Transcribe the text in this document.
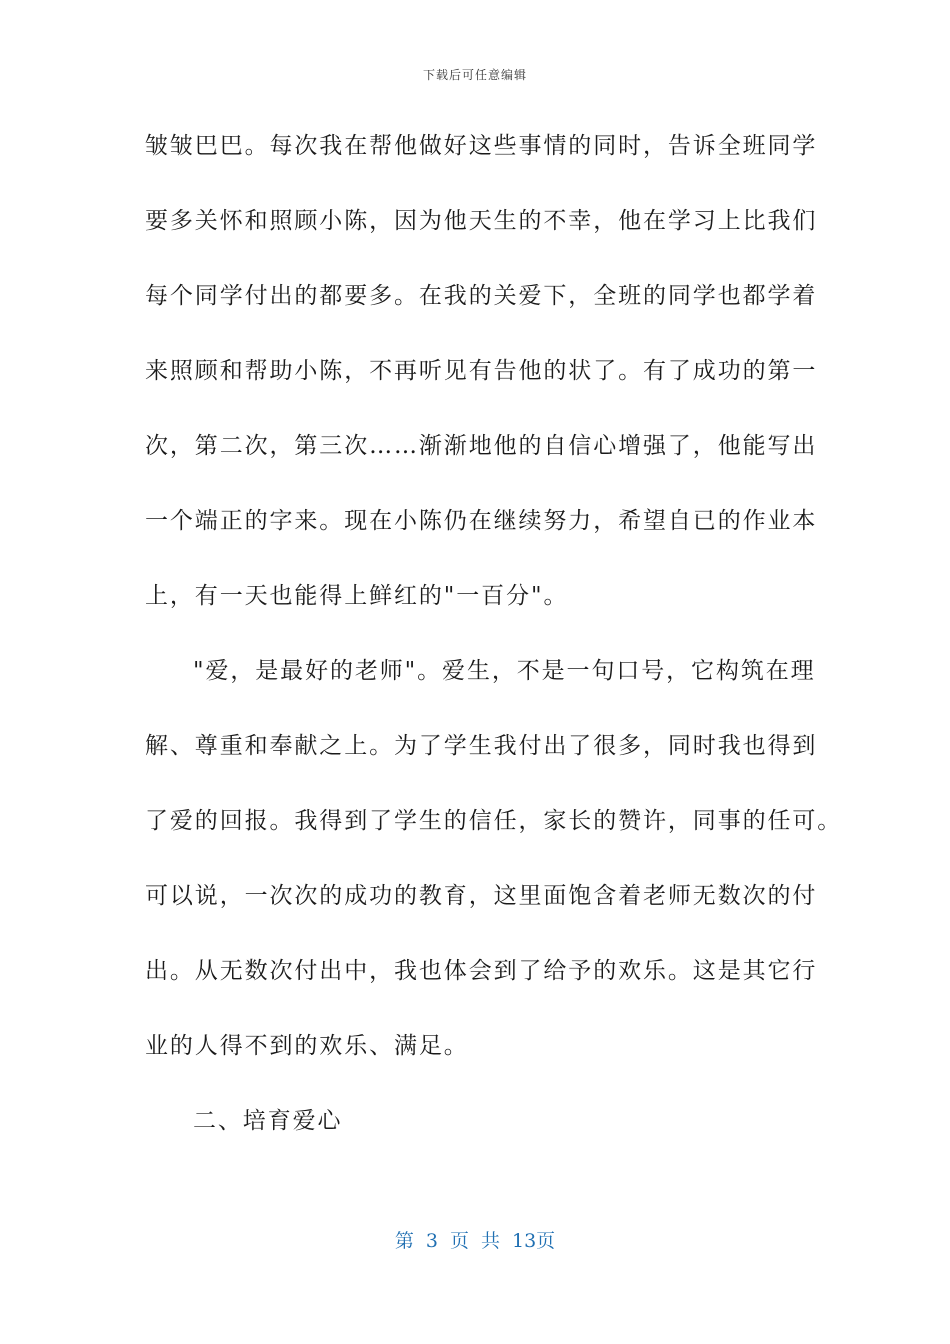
下载后可任意编辑
皱皱巴巴。每次我在帮他做好这些事情的同时，告诉全班同学
要多关怀和照顾小陈，因为他天生的不幸，他在学习上比我们
每个同学付出的都要多。在我的关爱下，全班的同学也都学着
来照顾和帮助小陈，不再听见有告他的状了。有了成功的第一
次，第二次，第三次……渐渐地他的自信心增强了，他能写出
一个端正的字来。现在小陈仍在继续努力，希望自已的作业本
上，有一天也能得上鲜红的"一百分"。
"爱，是最好的老师"。爱生，不是一句口号，它构筑在理
解、尊重和奉献之上。为了学生我付出了很多，同时我也得到
了爱的回报。我得到了学生的信任，家长的赞许，同事的任可。
可以说，一次次的成功的教育，这里面饱含着老师无数次的付
出。从无数次付出中，我也体会到了给予的欢乐。这是其它行
业的人得不到的欢乐、满足。
二、培育爱心
第 3 页 共 13页
